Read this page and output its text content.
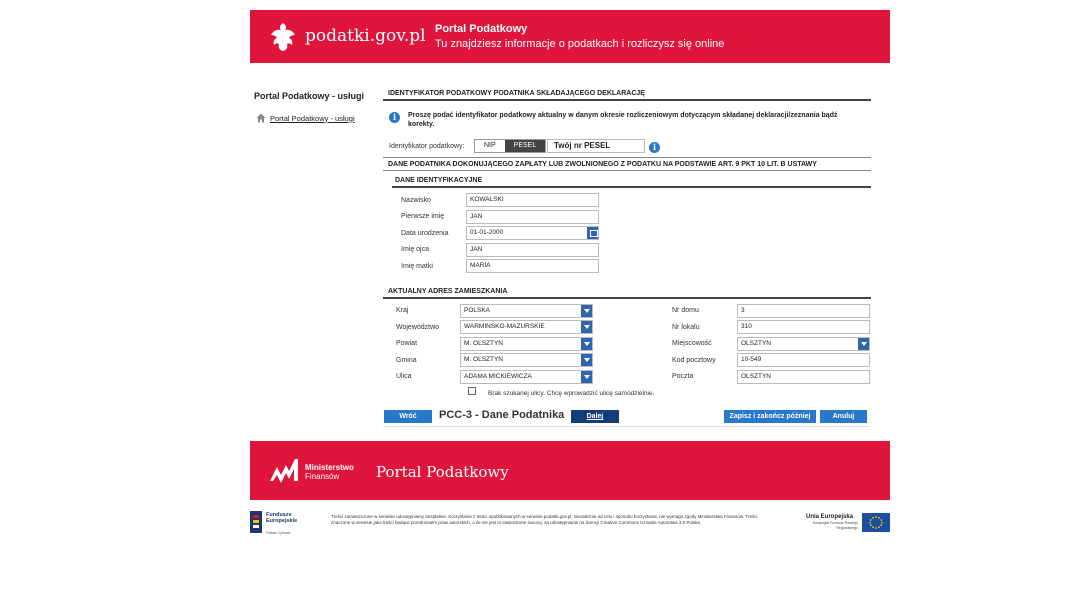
podatki.gov.pl Portal Podatkowy
Tu znajdziesz informacje o podatkach i rozliczysz się online
Portal Podatkowy - usługi
Portal Podatkowy - usługi
IDENTYFIKATOR PODATKOWY PODATNIKA SKŁADAJĄCEGO DEKLARACJĘ
i	Proszę podać identyfikator podatkowy aktualny w danym okresie rozliczeniowym dotyczącym składanej deklaracji/zeznania bądź korekty.
Identyfikator podatkowy:	NIP	PESEL	Twój nr PESEL	i
DANE PODATNIKA DOKONUJĄCEGO ZAPŁATY LUB ZWOLNIONEGO Z PODATKU NA PODSTAWIE ART. 9 PKT 10 LIT. B USTAWY
DANE IDENTYFIKACYJNE
Nazwisko	KOWALSKI
Pierwsze imię	JAN
Data urodzenia	01-01-2000
Imię ojca	JAN
Imię matki	MARIA
AKTUALNY ADRES ZAMIESZKANIA
Kraj	POLSKA
Województwo	WARMINSKO-MAZURSKIE
Powiat	M. OLSZTYN
Gmina	M. OLSZTYN
Ulica	ADAMA MICKIEWICZA
Nr domu	3
Nr lokalu	310
Miejscowość	OLSZTYN
Kod pocztowy	10-549
Poczta	OLSZTYN
Brak szukanej ulicy. Chcę wprowadzić ulicę samodzielnie.
Wróć	PCC-3 - Dane Podatnika	Dalej	Zapisz i zakończ później	Anuluj
Ministerstwo
Finansów	Portal Podatkowy
Fundusze
Europejskie
Polska Cyfrowa
Treści zamieszczone w serwisie udostępniamy bezpłatnie. Korzystanie z treści opublikowanych w serwisie podatki.gov.pl, niezależnie od celu i sposobu korzystania, nie wymaga zgody Ministerstwa Finansów. Treści znaczone w serwisie jako treści będące przedmiotem praw autorskich, o ile nie jest to stwierdzone inaczej, są udostępnianie na licencji Creative Commons Uznanie Autorstwa 3.0 Polska.
Unia Europejska
Europejski Fundusz Rozwoju Regionalnego
